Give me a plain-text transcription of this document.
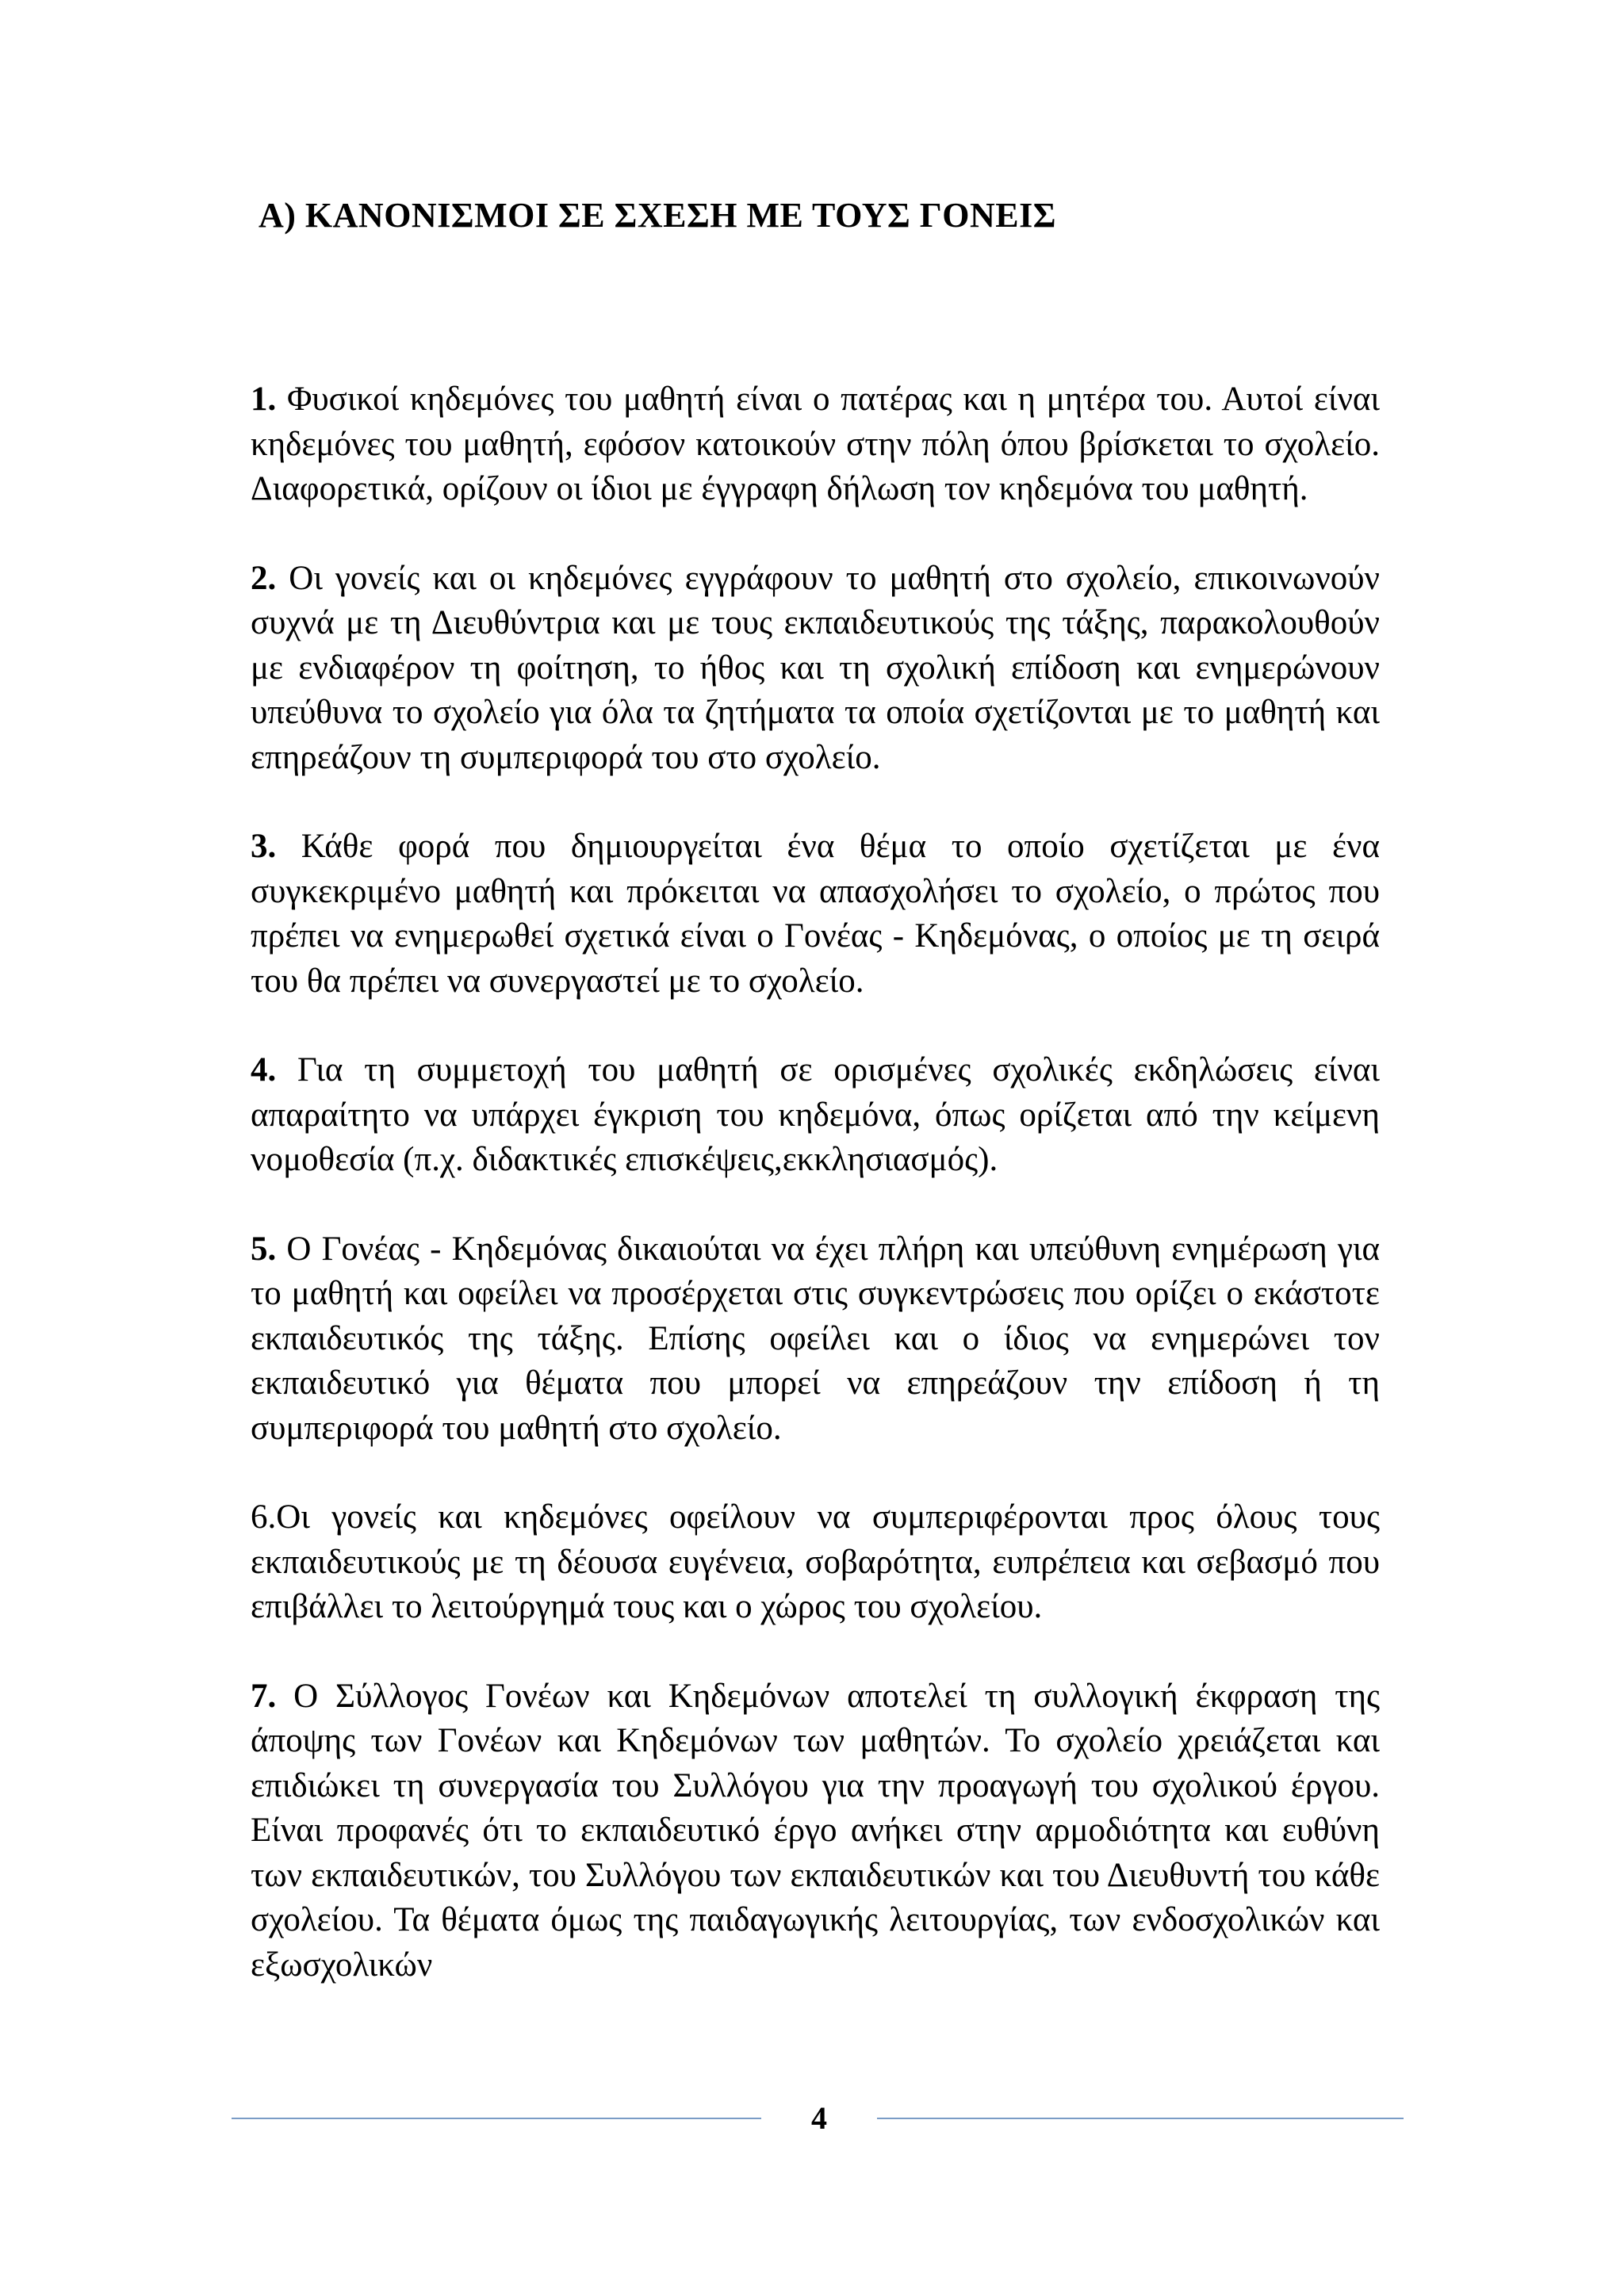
Α) ΚΑΝΟΝΙΣΜΟΙ ΣΕ ΣΧΕΣΗ ΜΕ ΤΟΥΣ ΓΟΝΕΙΣ

1. Φυσικοί κηδεμόνες του μαθητή είναι ο πατέρας και η μητέρα του. Αυτοί είναι κηδεμόνες του μαθητή, εφόσον κατοικούν στην πόλη όπου βρίσκεται το σχολείο. Διαφορετικά, ορίζουν οι ίδιοι με έγγραφη δήλωση τον κηδεμόνα του μαθητή.

2. Οι γονείς και οι κηδεμόνες εγγράφουν το μαθητή στο σχολείο, επικοινωνούν συχνά με τη Διευθύντρια και με τους εκπαιδευτικούς της τάξης, παρακολουθούν με ενδιαφέρον τη φοίτηση, το ήθος και τη σχολική επίδοση και ενημερώνουν υπεύθυνα το σχολείο για όλα τα ζητήματα τα οποία σχετίζονται με το μαθητή και επηρεάζουν τη συμπεριφορά του στο σχολείο.

3. Κάθε φορά που δημιουργείται ένα θέμα το οποίο σχετίζεται με ένα συγκεκριμένο μαθητή και πρόκειται να απασχολήσει το σχολείο, ο πρώτος που πρέπει να ενημερωθεί σχετικά είναι ο Γονέας - Κηδεμόνας, ο οποίος με τη σειρά του θα πρέπει να συνεργαστεί με το σχολείο.

4. Για τη συμμετοχή του μαθητή σε ορισμένες σχολικές εκδηλώσεις είναι απαραίτητο να υπάρχει έγκριση του κηδεμόνα, όπως ορίζεται από την κείμενη νομοθεσία (π.χ. διδακτικές επισκέψεις,εκκλησιασμός).

5. Ο Γονέας - Κηδεμόνας δικαιούται να έχει πλήρη και υπεύθυνη ενημέρωση για το μαθητή και οφείλει να προσέρχεται στις συγκεντρώσεις που ορίζει ο εκάστοτε εκπαιδευτικός της τάξης. Επίσης οφείλει και ο ίδιος να ενημερώνει τον εκπαιδευτικό για θέματα που μπορεί να επηρεάζουν την επίδοση ή τη συμπεριφορά του μαθητή στο σχολείο.

6.Οι γονείς και κηδεμόνες οφείλουν να συμπεριφέρονται προς όλους τους εκπαιδευτικούς με τη δέουσα ευγένεια, σοβαρότητα, ευπρέπεια και σεβασμό που επιβάλλει το λειτούργημά τους και ο χώρος του σχολείου.

7. Ο Σύλλογος Γονέων και Κηδεμόνων αποτελεί τη συλλογική έκφραση της άποψης των Γονέων και Κηδεμόνων των μαθητών. Το σχολείο χρειάζεται και επιδιώκει τη συνεργασία του Συλλόγου για την προαγωγή του σχολικού έργου. Είναι προφανές ότι το εκπαιδευτικό έργο ανήκει στην αρμοδιότητα και ευθύνη των εκπαιδευτικών, του Συλλόγου των εκπαιδευτικών και του Διευθυντή του κάθε σχολείου. Τα θέματα όμως της παιδαγωγικής λειτουργίας, των ενδοσχολικών και εξωσχολικών

4
